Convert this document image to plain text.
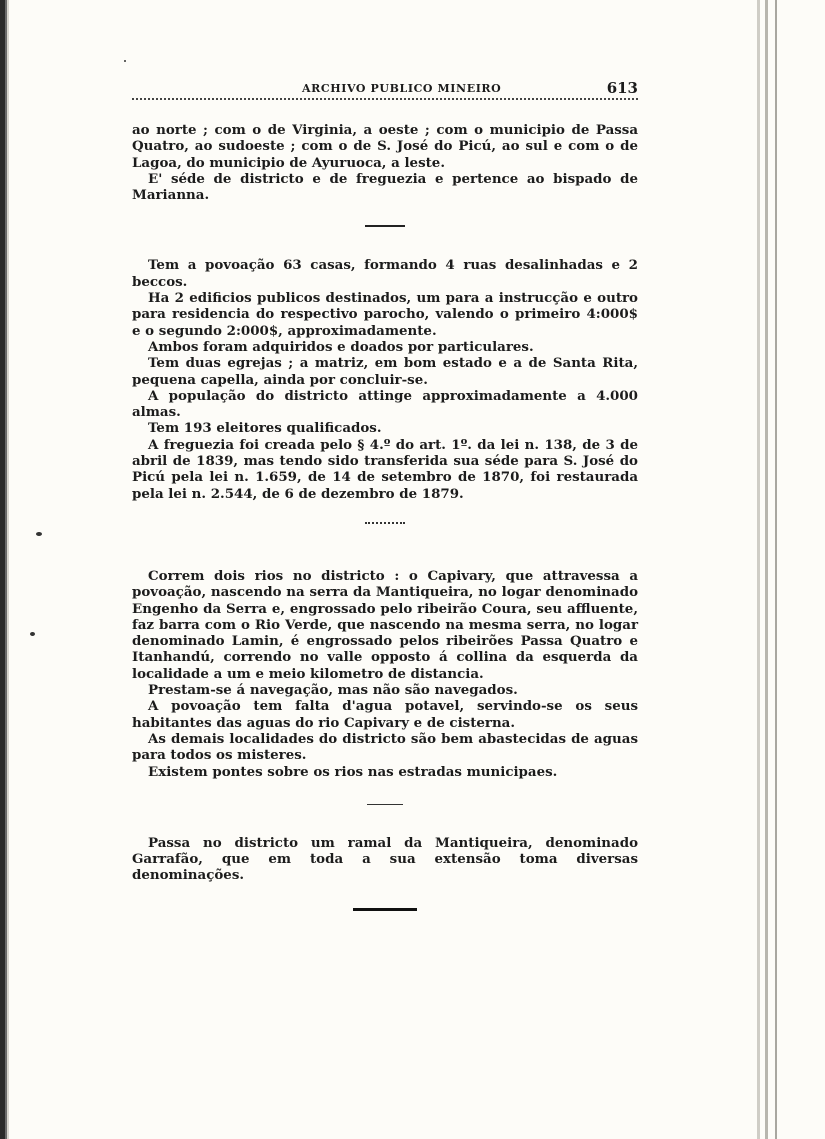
ARCHIVO PUBLICO MINEIRO	613

ao norte ; com o de Virginia, a oeste ; com o municipio de Passa Quatro, ao sudoeste ; com o de S. José do Picú, ao sul e com o de Lagoa, do municipio de Ayuruoca, a leste.

E' séde de districto e de freguezia e pertence ao bispado de Marianna.

Tem a povoação 63 casas, formando 4 ruas desalinhadas e 2 beccos.

Ha 2 edificios publicos destinados, um para a instrucção e outro para residencia do respectivo parocho, valendo o primeiro 4:000$ e o segundo 2:000$, approximadamente.

Ambos foram adquiridos e doados por particulares.

Tem duas egrejas ; a matriz, em bom estado e a de Santa Rita, pequena capella, ainda por concluir-se.

A população do districto attinge approximadamente a 4.000 almas.

Tem 193 eleitores qualificados.

A freguezia foi creada pelo § 4.º do art. 1º. da lei n. 138, de 3 de abril de 1839, mas tendo sido transferida sua séde para S. José do Picú pela lei n. 1.659, de 14 de setembro de 1870, foi restaurada pela lei n. 2.544, de 6 de dezembro de 1879.

Correm dois rios no districto : o Capivary, que attravessa a povoação, nascendo na serra da Mantiqueira, no logar denominado Engenho da Serra e, engrossado pelo ribeirão Coura, seu affluente, faz barra com o Rio Verde, que nascendo na mesma serra, no logar denominado Lamin, é engrossado pelos ribeirões Passa Quatro e Itanhandú, correndo no valle opposto á collina da esquerda da localidade a um e meio kilometro de distancia.

Prestam-se á navegação, mas não são navegados.

A povoação tem falta d'agua potavel, servindo-se os seus habitantes das aguas do rio Capivary e de cisterna.

As demais localidades do districto são bem abastecidas de aguas para todos os misteres.

Existem pontes sobre os rios nas estradas municipaes.

Passa no districto um ramal da Mantiqueira, denominado Garrafão, que em toda a sua extensão toma diversas denominações.
